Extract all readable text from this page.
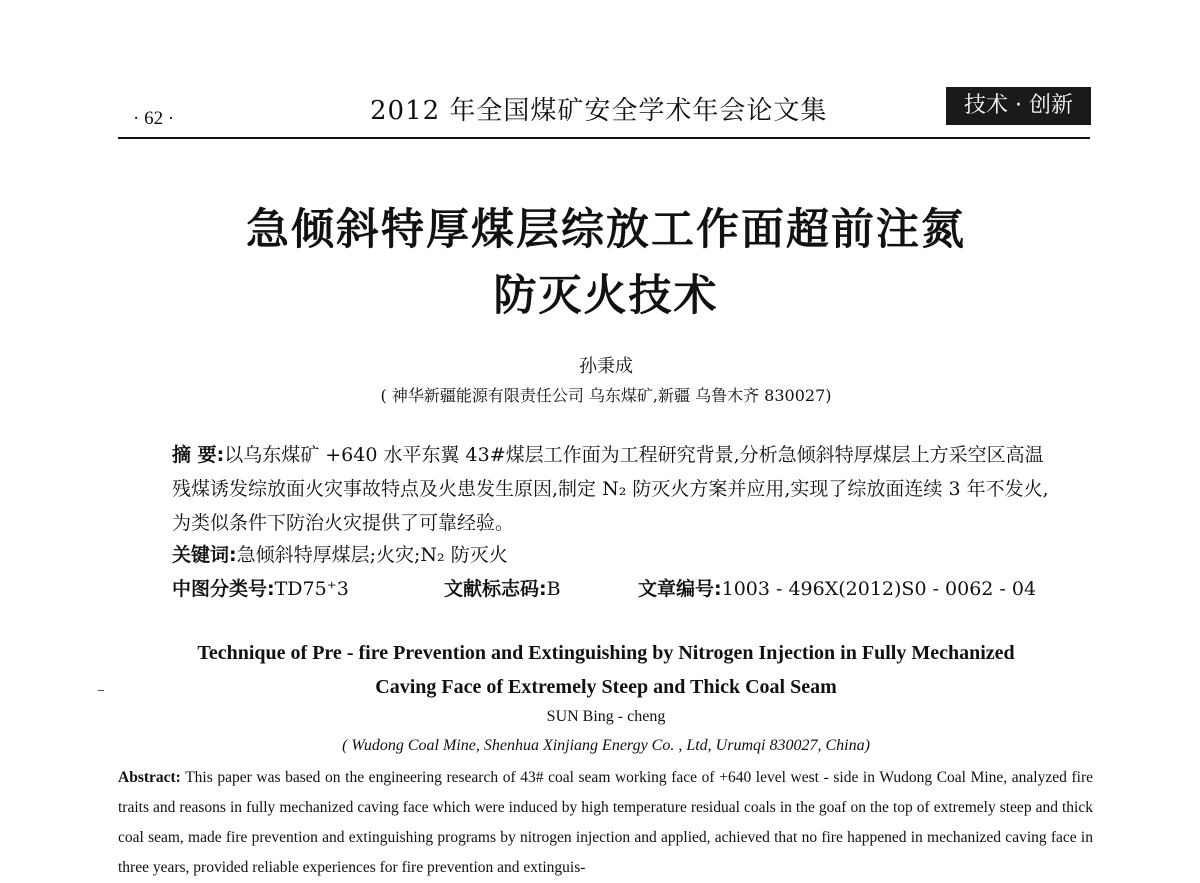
· 62 ·	2012 年全国煤矿安全学术年会论文集	技术 · 创新
急倾斜特厚煤层综放工作面超前注氮
防灭火技术
孙秉成
( 神华新疆能源有限责任公司 乌东煤矿,新疆 乌鲁木齐 830027)
摘 要:以乌东煤矿 +640 水平东翼 43#煤层工作面为工程研究背景,分析急倾斜特厚煤层上方采空区高温残煤诱发综放面火灾事故特点及火患发生原因,制定 N₂ 防灭火方案并应用,实现了综放面连续 3 年不发火,为类似条件下防治火灾提供了可靠经验。
关键词:急倾斜特厚煤层;火灾;N₂ 防灭火
中图分类号:TD75⁺3	文献标志码:B	文章编号:1003 - 496X(2012)S0 - 0062 - 04
Technique of Pre - fire Prevention and Extinguishing by Nitrogen Injection in Fully Mechanized
Caving Face of Extremely Steep and Thick Coal Seam
SUN Bing - cheng
( Wudong Coal Mine, Shenhua Xinjiang Energy Co. , Ltd, Urumqi 830027, China)
Abstract: This paper was based on the engineering research of 43# coal seam working face of +640 level west - side in Wudong Coal Mine, analyzed fire traits and reasons in fully mechanized caving face which were induced by high temperature residual coals in the goaf on the top of extremely steep and thick coal seam, made fire prevention and extinguishing programs by nitrogen injection and applied, achieved that no fire happened in mechanized caving face in three years, provided reliable experiences for fire prevention and extinguis-
